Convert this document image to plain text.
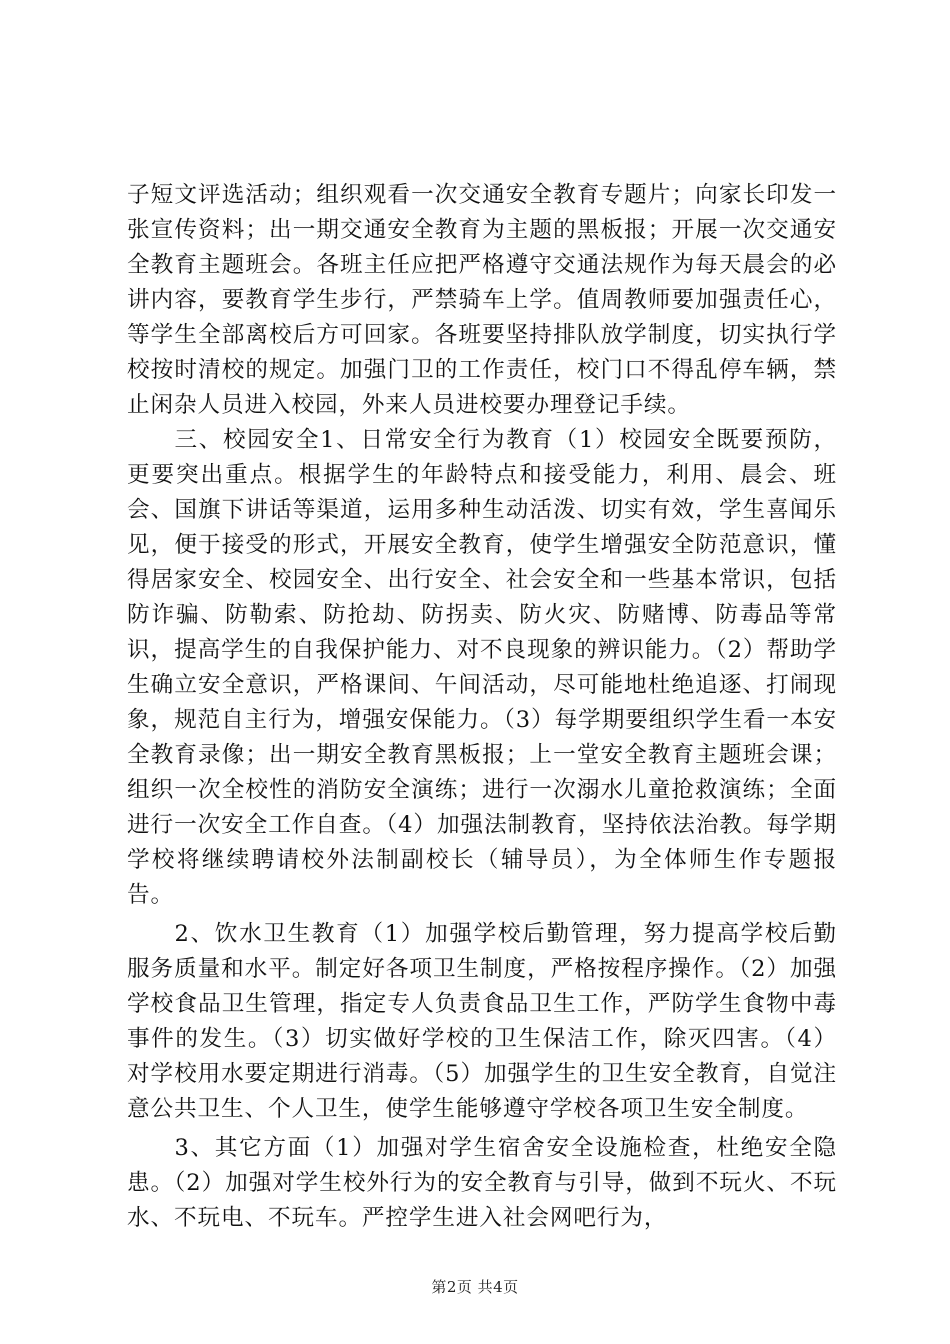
子短文评选活动；组织观看一次交通安全教育专题片；向家长印发一张宣传资料；出一期交通安全教育为主题的黑板报；开展一次交通安全教育主题班会。各班主任应把严格遵守交通法规作为每天晨会的必讲内容，要教育学生步行，严禁骑车上学。值周教师要加强责任心，等学生全部离校后方可回家。各班要坚持排队放学制度，切实执行学校按时清校的规定。加强门卫的工作责任，校门口不得乱停车辆，禁止闲杂人员进入校园，外来人员进校要办理登记手续。

三、校园安全1、日常安全行为教育（1）校园安全既要预防，更要突出重点。根据学生的年龄特点和接受能力，利用、晨会、班会、国旗下讲话等渠道，运用多种生动活泼、切实有效，学生喜闻乐见，便于接受的形式，开展安全教育，使学生增强安全防范意识，懂得居家安全、校园安全、出行安全、社会安全和一些基本常识，包括防诈骗、防勒索、防抢劫、防拐卖、防火灾、防赌博、防毒品等常识，提高学生的自我保护能力、对不良现象的辨识能力。（2）帮助学生确立安全意识，严格课间、午间活动，尽可能地杜绝追逐、打闹现象，规范自主行为，增强安保能力。（3）每学期要组织学生看一本安全教育录像；出一期安全教育黑板报；上一堂安全教育主题班会课；组织一次全校性的消防安全演练；进行一次溺水儿童抢救演练；全面进行一次安全工作自查。（4）加强法制教育，坚持依法治教。每学期学校将继续聘请校外法制副校长（辅导员），为全体师生作专题报告。

2、饮水卫生教育（1）加强学校后勤管理，努力提高学校后勤服务质量和水平。制定好各项卫生制度，严格按程序操作。（2）加强学校食品卫生管理，指定专人负责食品卫生工作，严防学生食物中毒事件的发生。（3）切实做好学校的卫生保洁工作，除灭四害。（4）对学校用水要定期进行消毒。（5）加强学生的卫生安全教育，自觉注意公共卫生、个人卫生，使学生能够遵守学校各项卫生安全制度。

3、其它方面（1）加强对学生宿舍安全设施检查，杜绝安全隐患。（2）加强对学生校外行为的安全教育与引导，做到不玩火、不玩水、不玩电、不玩车。严控学生进入社会网吧行为，

第2页 共4页
